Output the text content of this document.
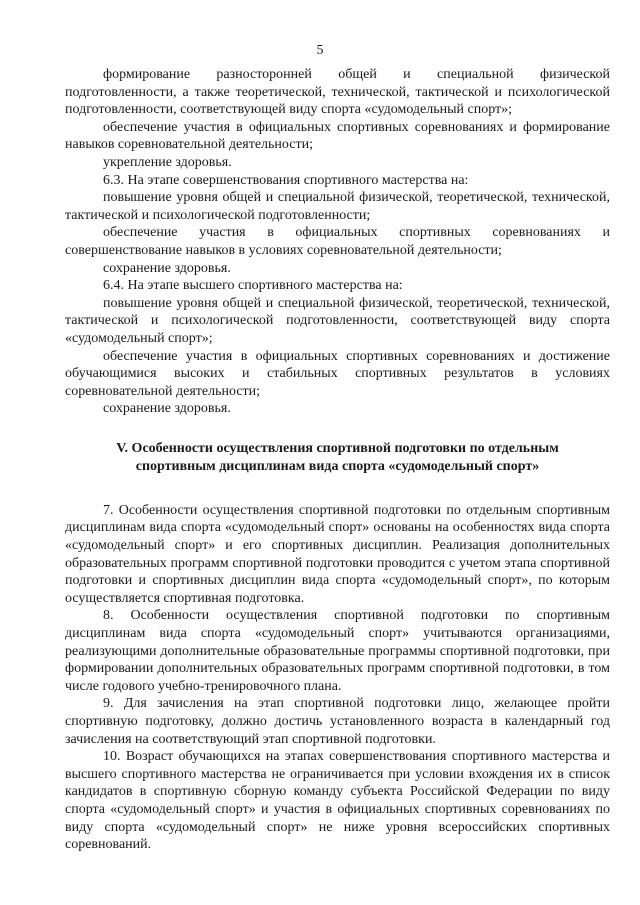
5

формирование разносторонней общей и специальной физической подготовленности, а также теоретической, технической, тактической и психологической подготовленности, соответствующей виду спорта «судомодельный спорт»;

обеспечение участия в официальных спортивных соревнованиях и формирование навыков соревновательной деятельности;

укрепление здоровья.

6.3. На этапе совершенствования спортивного мастерства на:

повышение уровня общей и специальной физической, теоретической, технической, тактической и психологической подготовленности;

обеспечение участия в официальных спортивных соревнованиях и совершенствование навыков в условиях соревновательной деятельности;

сохранение здоровья.

6.4. На этапе высшего спортивного мастерства на:

повышение уровня общей и специальной физической, теоретической, технической, тактической и психологической подготовленности, соответствующей виду спорта «судомодельный спорт»;

обеспечение участия в официальных спортивных соревнованиях и достижение обучающимися высоких и стабильных спортивных результатов в условиях соревновательной деятельности;

сохранение здоровья.

V. Особенности осуществления спортивной подготовки по отдельным спортивным дисциплинам вида спорта «судомодельный спорт»

7. Особенности осуществления спортивной подготовки по отдельным спортивным дисциплинам вида спорта «судомодельный спорт» основаны на особенностях вида спорта «судомодельный спорт» и его спортивных дисциплин. Реализация дополнительных образовательных программ спортивной подготовки проводится с учетом этапа спортивной подготовки и спортивных дисциплин вида спорта «судомодельный спорт», по которым осуществляется спортивная подготовка.

8. Особенности осуществления спортивной подготовки по спортивным дисциплинам вида спорта «судомодельный спорт» учитываются организациями, реализующими дополнительные образовательные программы спортивной подготовки, при формировании дополнительных образовательных программ спортивной подготовки, в том числе годового учебно-тренировочного плана.

9. Для зачисления на этап спортивной подготовки лицо, желающее пройти спортивную подготовку, должно достичь установленного возраста в календарный год зачисления на соответствующий этап спортивной подготовки.

10. Возраст обучающихся на этапах совершенствования спортивного мастерства и высшего спортивного мастерства не ограничивается при условии вхождения их в список кандидатов в спортивную сборную команду субъекта Российской Федерации по виду спорта «судомодельный спорт» и участия в официальных спортивных соревнованиях по виду спорта «судомодельный спорт» не ниже уровня всероссийских спортивных соревнований.
